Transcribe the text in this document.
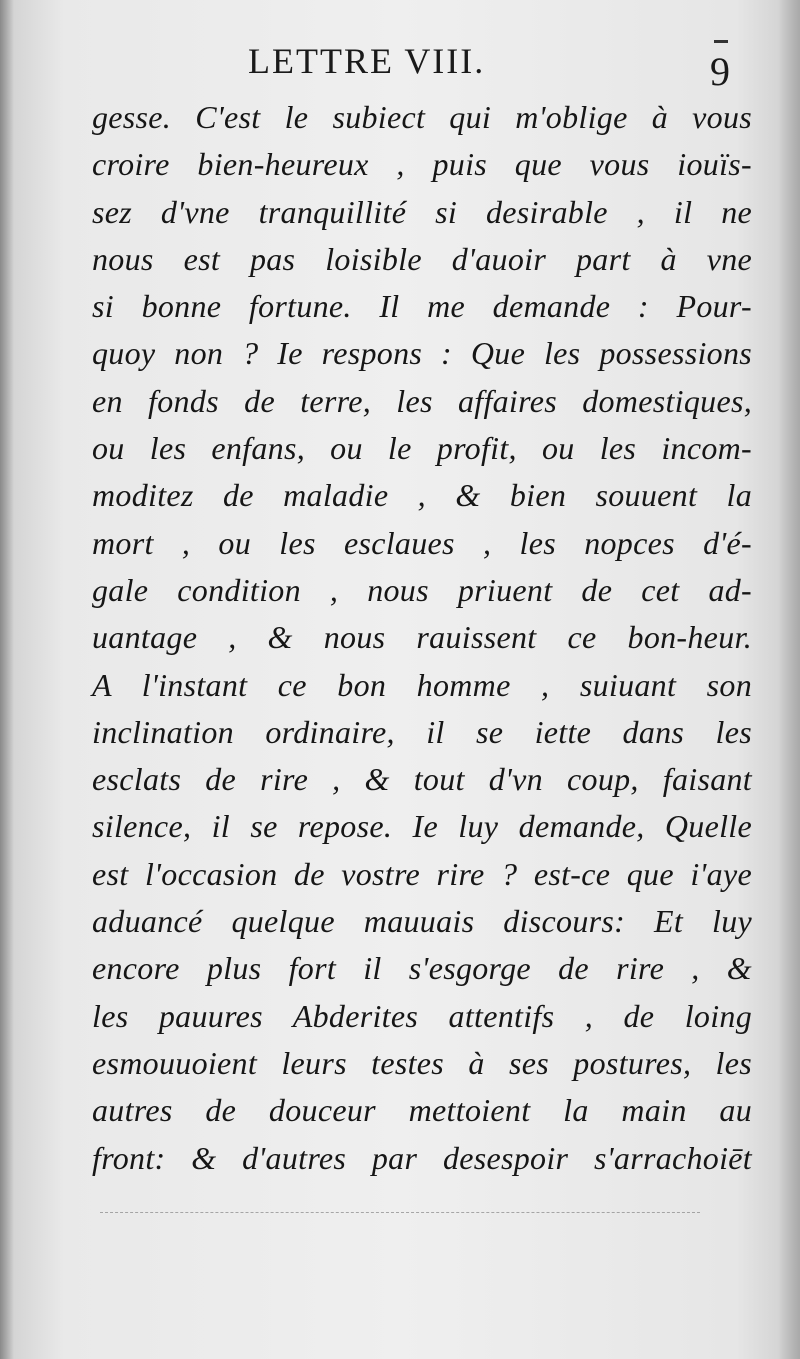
LETTRE VIII.	9
gesse. C'est le subiect qui m'oblige à vous
croire bien-heureux , puis que vous iouïs-
sez d'vne tranquillité si desirable , il ne
nous est pas loisible d'auoir part à vne
si bonne fortune. Il me demande : Pour-
quoy non ? Ie respons : Que les possessions
en fonds de terre, les affaires domestiques,
ou les enfans, ou le profit, ou les incom-
moditez de maladie , & bien souuent la
mort , ou les esclaues , les nopces d'é-
gale condition , nous priuent de cet ad-
uantage , & nous rauissent ce bon-heur.
A l'instant ce bon homme , suiuant son
inclination ordinaire, il se iette dans les
esclats de rire , & tout d'vn coup, faisant
silence, il se repose. Ie luy demande, Quelle
est l'occasion de vostre rire ? est-ce que i'aye
aduancé quelque mauuais discours: Et luy
encore plus fort il s'esgorge de rire , &
les pauures Abderites attentifs , de loing
esmouuoient leurs testes à ses postures, les
autres de douceur mettoient la main au
front: & d'autres par desespoir s'arrachoiēt
